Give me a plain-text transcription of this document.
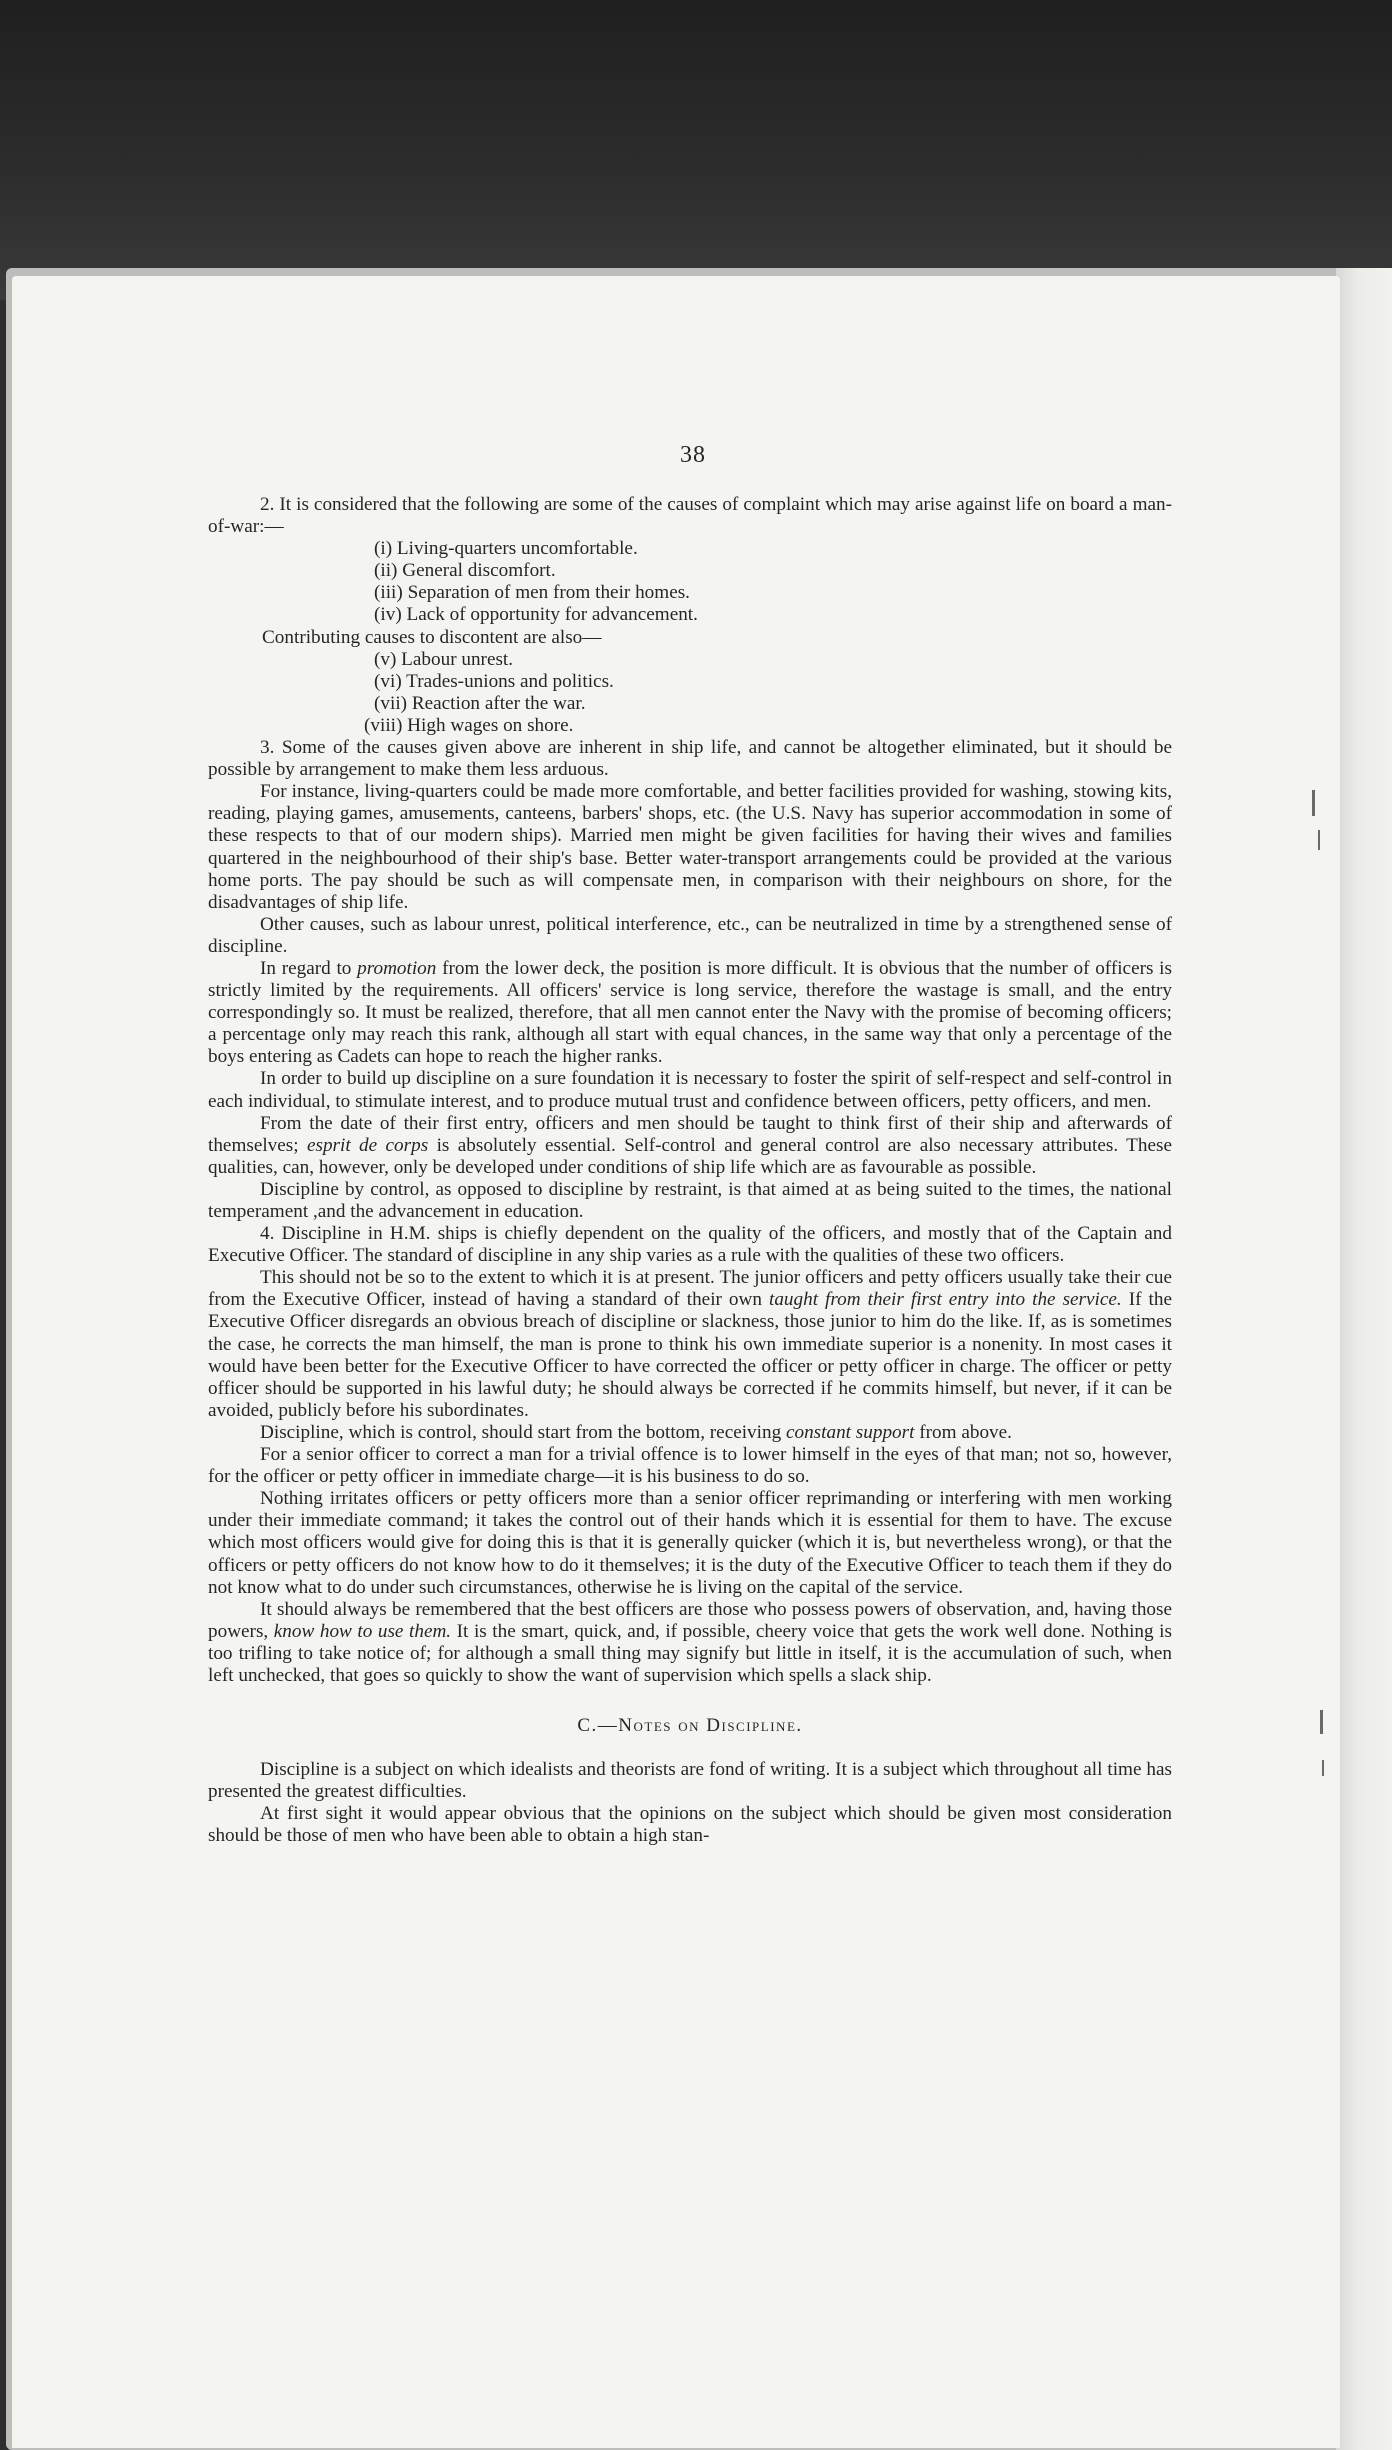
38

2. It is considered that the following are some of the causes of complaint which may arise against life on board a man-of-war:—

(i) Living-quarters uncomfortable.

(ii) General discomfort.

(iii) Separation of men from their homes.

(iv) Lack of opportunity for advancement.

Contributing causes to discontent are also—

(v) Labour unrest.

(vi) Trades-unions and politics.

(vii) Reaction after the war.

(viii) High wages on shore.

3. Some of the causes given above are inherent in ship life, and cannot be altogether eliminated, but it should be possible by arrangement to make them less arduous.

For instance, living-quarters could be made more comfortable, and better facilities provided for washing, stowing kits, reading, playing games, amusements, canteens, barbers' shops, etc. (the U.S. Navy has superior accommodation in some of these respects to that of our modern ships). Married men might be given facilities for having their wives and families quartered in the neighbourhood of their ship's base. Better water-transport arrangements could be provided at the various home ports. The pay should be such as will compensate men, in comparison with their neighbours on shore, for the disadvantages of ship life.

Other causes, such as labour unrest, political interference, etc., can be neutralized in time by a strengthened sense of discipline.

In regard to promotion from the lower deck, the position is more difficult. It is obvious that the number of officers is strictly limited by the requirements. All officers' service is long service, therefore the wastage is small, and the entry correspondingly so. It must be realized, therefore, that all men cannot enter the Navy with the promise of becoming officers; a percentage only may reach this rank, although all start with equal chances, in the same way that only a percentage of the boys entering as Cadets can hope to reach the higher ranks.

In order to build up discipline on a sure foundation it is necessary to foster the spirit of self-respect and self-control in each individual, to stimulate interest, and to produce mutual trust and confidence between officers, petty officers, and men.

From the date of their first entry, officers and men should be taught to think first of their ship and afterwards of themselves; esprit de corps is absolutely essential. Self-control and general control are also necessary attributes. These qualities, can, however, only be developed under conditions of ship life which are as favourable as possible.

Discipline by control, as opposed to discipline by restraint, is that aimed at as being suited to the times, the national temperament ,and the advancement in education.

4. Discipline in H.M. ships is chiefly dependent on the quality of the officers, and mostly that of the Captain and Executive Officer. The standard of discipline in any ship varies as a rule with the qualities of these two officers.

This should not be so to the extent to which it is at present. The junior officers and petty officers usually take their cue from the Executive Officer, instead of having a standard of their own taught from their first entry into the service. If the Executive Officer disregards an obvious breach of discipline or slackness, those junior to him do the like. If, as is sometimes the case, he corrects the man himself, the man is prone to think his own immediate superior is a nonenity. In most cases it would have been better for the Executive Officer to have corrected the officer or petty officer in charge. The officer or petty officer should be supported in his lawful duty; he should always be corrected if he commits himself, but never, if it can be avoided, publicly before his subordinates.

Discipline, which is control, should start from the bottom, receiving constant support from above.

For a senior officer to correct a man for a trivial offence is to lower himself in the eyes of that man; not so, however, for the officer or petty officer in immediate charge—it is his business to do so.

Nothing irritates officers or petty officers more than a senior officer reprimanding or interfering with men working under their immediate command; it takes the control out of their hands which it is essential for them to have. The excuse which most officers would give for doing this is that it is generally quicker (which it is, but nevertheless wrong), or that the officers or petty officers do not know how to do it themselves; it is the duty of the Executive Officer to teach them if they do not know what to do under such circumstances, otherwise he is living on the capital of the service.

It should always be remembered that the best officers are those who possess powers of observation, and, having those powers, know how to use them. It is the smart, quick, and, if possible, cheery voice that gets the work well done. Nothing is too trifling to take notice of; for although a small thing may signify but little in itself, it is the accumulation of such, when left unchecked, that goes so quickly to show the want of supervision which spells a slack ship.

C.—Notes on Discipline.

Discipline is a subject on which idealists and theorists are fond of writing. It is a subject which throughout all time has presented the greatest difficulties.

At first sight it would appear obvious that the opinions on the subject which should be given most consideration should be those of men who have been able to obtain a high stan-
